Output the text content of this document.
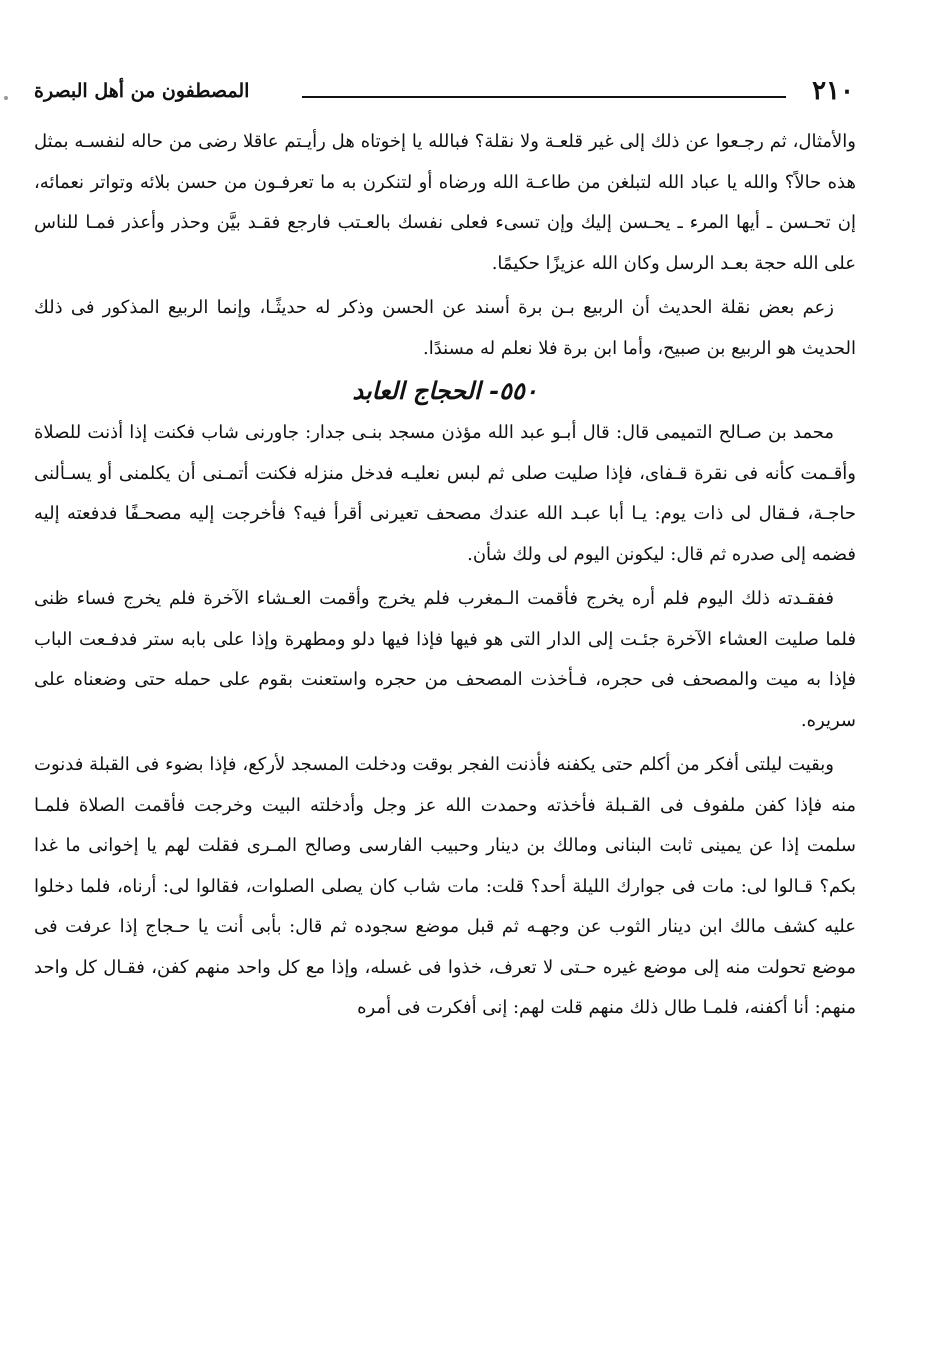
٢١٠
المصطفون من أهل البصرة

والأمثال، ثم رجـعوا عن ذلك إلى غير قلعـة ولا نقلة؟ فبالله يا إخوتاه هل رأيـتم عاقلا رضى من حاله لنفسـه بمثل هذه حالاً؟ والله يا عباد الله لتبلغن من طاعـة الله ورضاه أو لتنكرن به ما تعرفـون من حسن بلائه وتواتر نعمائه، إن تحـسن ـ أيها المرء ـ يحـسن إليك وإن تسىء فعلى نفسك بالعـتب فارجع فقـد بيَّن وحذر وأعذر فمـا للناس على الله حجة بعـد الرسل وكان الله عزيزًا حكيمًا.

زعم بعض نقلة الحديث أن الربيع بـن برة أسند عن الحسن وذكر له حديثًـا، وإنما الربيع المذكور فى ذلك الحديث هو الربيع بن صبيح، وأما ابن برة فلا نعلم له مسندًا.

٥٥٠- الحجاج العابد

محمد بن صـالح التميمى قال: قال أبـو عبد الله مؤذن مسجد بنـى جدار: جاورنى شاب فكنت إذا أذنت للصلاة وأقـمت كأنه فى نقرة قـفاى، فإذا صليت صلى ثم لبس نعليـه فدخل منزله فكنت أتمـنى أن يكلمنى أو يسـألنى حاجـة، فـقال لى ذات يوم: يـا أبا عبـد الله عندك مصحف تعيرنى أقرأ فيه؟ فأخرجت إليه مصحـفًا فدفعته إليه فضمه إلى صدره ثم قال: ليكونن اليوم لى ولك شأن.

ففقـدته ذلك اليوم فلم أره يخرج فأقمت الـمغرب فلم يخرج وأقمت العـشاء الآخرة فلم يخرج فساء ظنى فلما صليت العشاء الآخرة جئـت إلى الدار التى هو فيها فإذا فيها دلو ومطهرة وإذا على بابه ستر فدفـعت الباب فإذا به ميت والمصحف فى حجره، فـأخذت المصحف من حجره واستعنت بقوم على حمله حتى وضعناه على سريره.

وبقيت ليلتى أفكر من أكلم حتى يكفنه فأذنت الفجر بوقت ودخلت المسجد لأركع، فإذا بضوء فى القبلة فدنوت منه فإذا كفن ملفوف فى القـبلة فأخذته وحمدت الله عز وجل وأدخلته البيت وخرجت فأقمت الصلاة فلمـا سلمت إذا عن يمينى ثابت البنانى ومالك بن دينار وحبيب الفارسى وصالح المـرى فقلت لهم يا إخوانى ما غدا بكم؟ قـالوا لى: مات فى جوارك الليلة أحد؟ قلت: مات شاب كان يصلى الصلوات، فقالوا لى: أرناه، فلما دخلوا عليه كشف مالك ابن دينار الثوب عن وجهـه ثم قبل موضع سجوده ثم قال: بأبى أنت يا حـجاج إذا عرفت فى موضع تحولت منه إلى موضع غيره حـتى لا تعرف، خذوا فى غسله، وإذا مع كل واحد منهم كفن، فقـال كل واحد منهم: أنا أكفنه، فلمـا طال ذلك منهم قلت لهم: إنى أفكرت فى أمره
